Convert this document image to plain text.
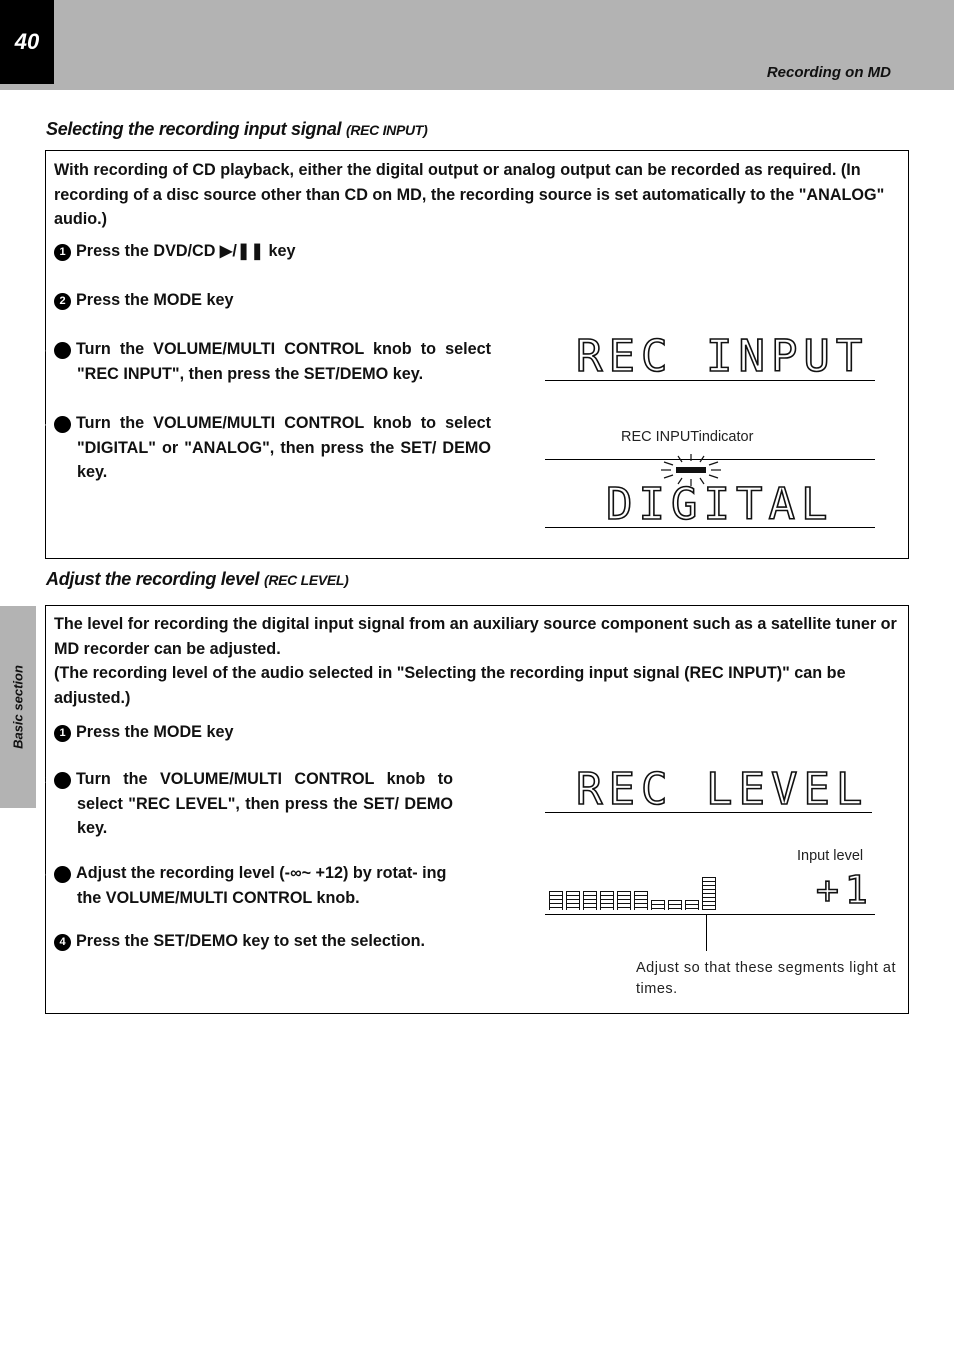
40
Recording on MD
Basic section
Selecting the recording input signal (REC INPUT)
With recording of CD playback, either the digital output or analog output can be recorded as required. (In recording of a disc source other than CD on MD, the recording source is set automatically to the "ANALOG" audio.)
1 Press the DVD/CD ▶/❚❚ key
2 Press the MODE key
3 Turn the VOLUME/MULTI CONTROL knob to select "REC INPUT", then press the SET/DEMO key.
4 Turn the VOLUME/MULTI CONTROL knob to select "DIGITAL" or "ANALOG", then press the SET/ DEMO key.
REC INPUT
REC INPUTindicator
DIGITAL
Adjust the recording level (REC LEVEL)
The level for recording the digital input signal from an auxiliary source component such as a satellite tuner or MD recorder can be adjusted.
(The recording level of the audio selected in "Selecting the recording input signal (REC INPUT)" can be adjusted.)
1 Press the MODE key
2 Turn the VOLUME/MULTI CONTROL knob to select "REC LEVEL", then press the SET/ DEMO key.
3 Adjust the recording level (-∞~ +12) by rotat- ing the VOLUME/MULTI CONTROL knob.
4 Press the SET/DEMO key to set the selection.
REC LEVEL
Input level
+1
Adjust so that these segments light at times.
